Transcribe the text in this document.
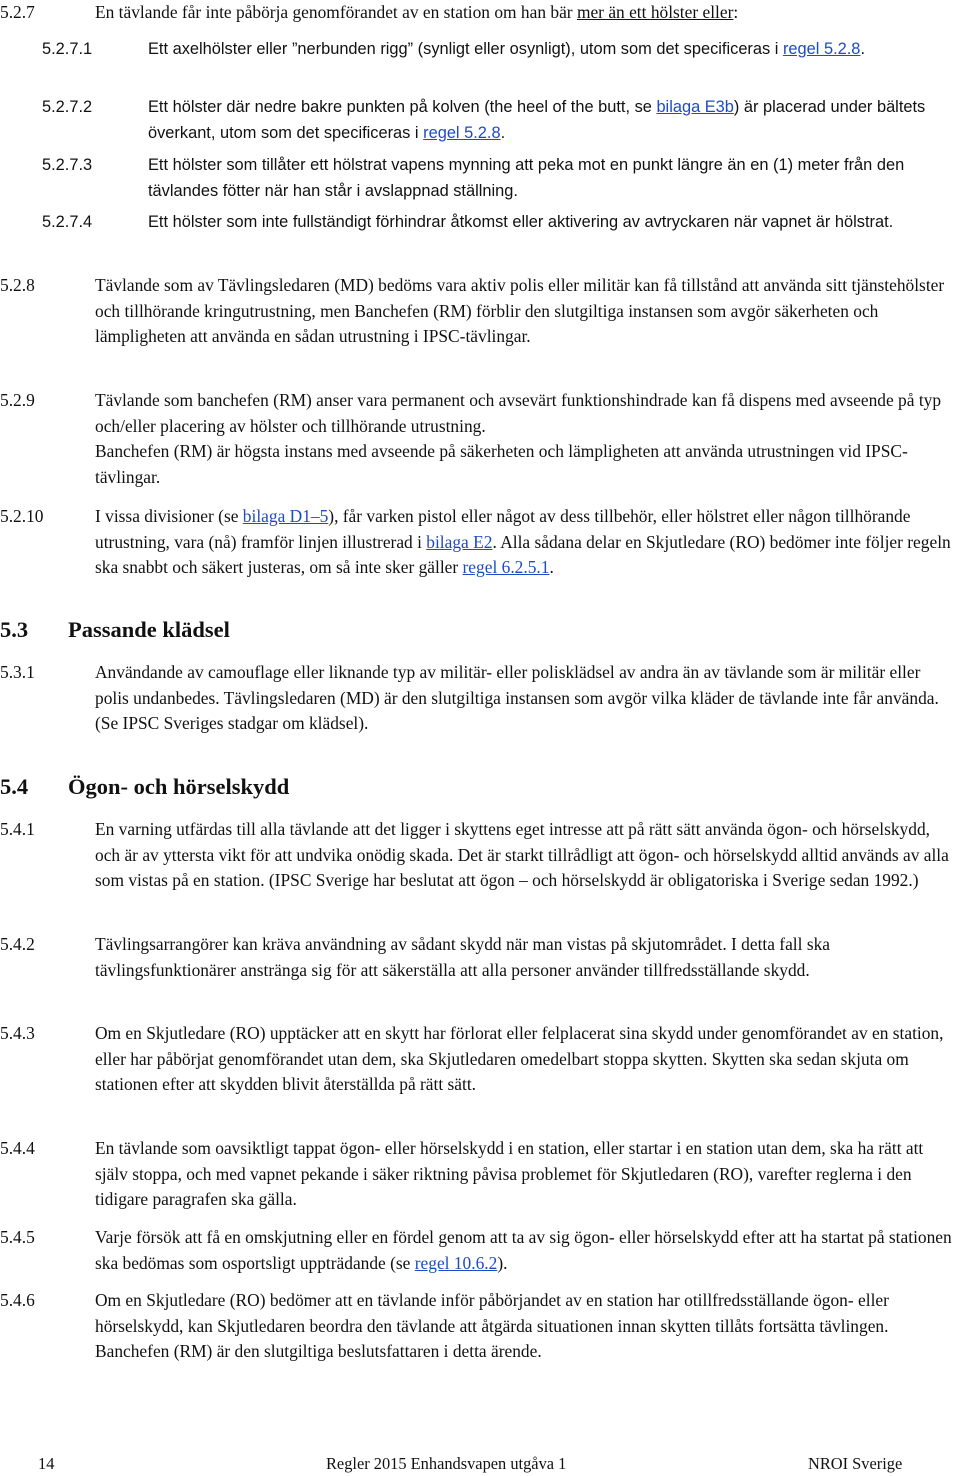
5.2.7	En tävlande får inte påbörja genomförandet av en station om han bär mer än ett hölster eller:
5.2.7.1	Ett axelhölster eller ”nerbunden rigg” (synligt eller osynligt), utom som det specificeras i regel 5.2.8.
5.2.7.2	Ett hölster där nedre bakre punkten på kolven (the heel of the butt, se bilaga E3b) är placerad under bältets överkant, utom som det specificeras i regel 5.2.8.
5.2.7.3	Ett hölster som tillåter ett hölstrat vapens mynning att peka mot en punkt längre än en (1) meter från den tävlandes fötter när han står i avslappnad ställning.
5.2.7.4	Ett hölster som inte fullständigt förhindrar åtkomst eller aktivering av avtryckaren när vapnet är hölstrat.
5.2.8	Tävlande som av Tävlingsledaren (MD) bedöms vara aktiv polis eller militär kan få tillstånd att använda sitt tjänstehölster och tillhörande kringutrustning, men Banchefen (RM) förblir den slutgiltiga instansen som avgör säkerheten och lämpligheten att använda en sådan utrustning i IPSC-tävlingar.
5.2.9	Tävlande som banchefen (RM) anser vara permanent och avsevärt funktionshindrade kan få dispens med avseende på typ och/eller placering av hölster och tillhörande utrustning.
Banchefen (RM) är högsta instans med avseende på säkerheten och lämpligheten att använda utrustningen vid IPSC-tävlingar.
5.2.10	I vissa divisioner (se bilaga D1–5), får varken pistol eller något av dess tillbehör, eller hölstret eller någon tillhörande utrustning, vara (nå) framför linjen illustrerad i bilaga E2. Alla sådana delar en Skjutledare (RO) bedömer inte följer regeln ska snabbt och säkert justeras, om så inte sker gäller regel 6.2.5.1.
5.3 Passande klädsel
5.3.1	Användande av camouflage eller liknande typ av militär- eller polisklädsel av andra än av tävlande som är militär eller polis undanbedes. Tävlingsledaren (MD) är den slutgiltiga instansen som avgör vilka kläder de tävlande inte får använda. (Se IPSC Sveriges stadgar om klädsel).
5.4 Ögon- och hörselskydd
5.4.1	En varning utfärdas till alla tävlande att det ligger i skyttens eget intresse att på rätt sätt använda ögon- och hörselskydd, och är av yttersta vikt för att undvika onödig skada. Det är starkt tillrådligt att ögon- och hörselskydd alltid används av alla som vistas på en station. (IPSC Sverige har beslutat att ögon – och hörselskydd är obligatoriska i Sverige sedan 1992.)
5.4.2	Tävlingsarrangörer kan kräva användning av sådant skydd när man vistas på skjutområdet. I detta fall ska tävlingsfunktionärer anstränga sig för att säkerställa att alla personer använder tillfredsställande skydd.
5.4.3	Om en Skjutledare (RO) upptäcker att en skytt har förlorat eller felplacerat sina skydd under genomförandet av en station, eller har påbörjat genomförandet utan dem, ska Skjutledaren omedelbart stoppa skytten. Skytten ska sedan skjuta om stationen efter att skydden blivit återställda på rätt sätt.
5.4.4	En tävlande som oavsiktligt tappat ögon- eller hörselskydd i en station, eller startar i en station utan dem, ska ha rätt att själv stoppa, och med vapnet pekande i säker riktning påvisa problemet för Skjutledaren (RO), varefter reglerna i den tidigare paragrafen ska gälla.
5.4.5	Varje försök att få en omskjutning eller en fördel genom att ta av sig ögon- eller hörselskydd efter att ha startat på stationen ska bedömas som osportsligt uppträdande (se regel 10.6.2).
5.4.6	Om en Skjutledare (RO) bedömer att en tävlande inför påbörjandet av en station har otillfredsställande ögon- eller hörselskydd, kan Skjutledaren beordra den tävlande att åtgärda situationen innan skytten tillåts fortsätta tävlingen. Banchefen (RM) är den slutgiltiga beslutsfattaren i detta ärende.
14	Regler 2015 Enhandsvapen utgåva 1	NROI Sverige
